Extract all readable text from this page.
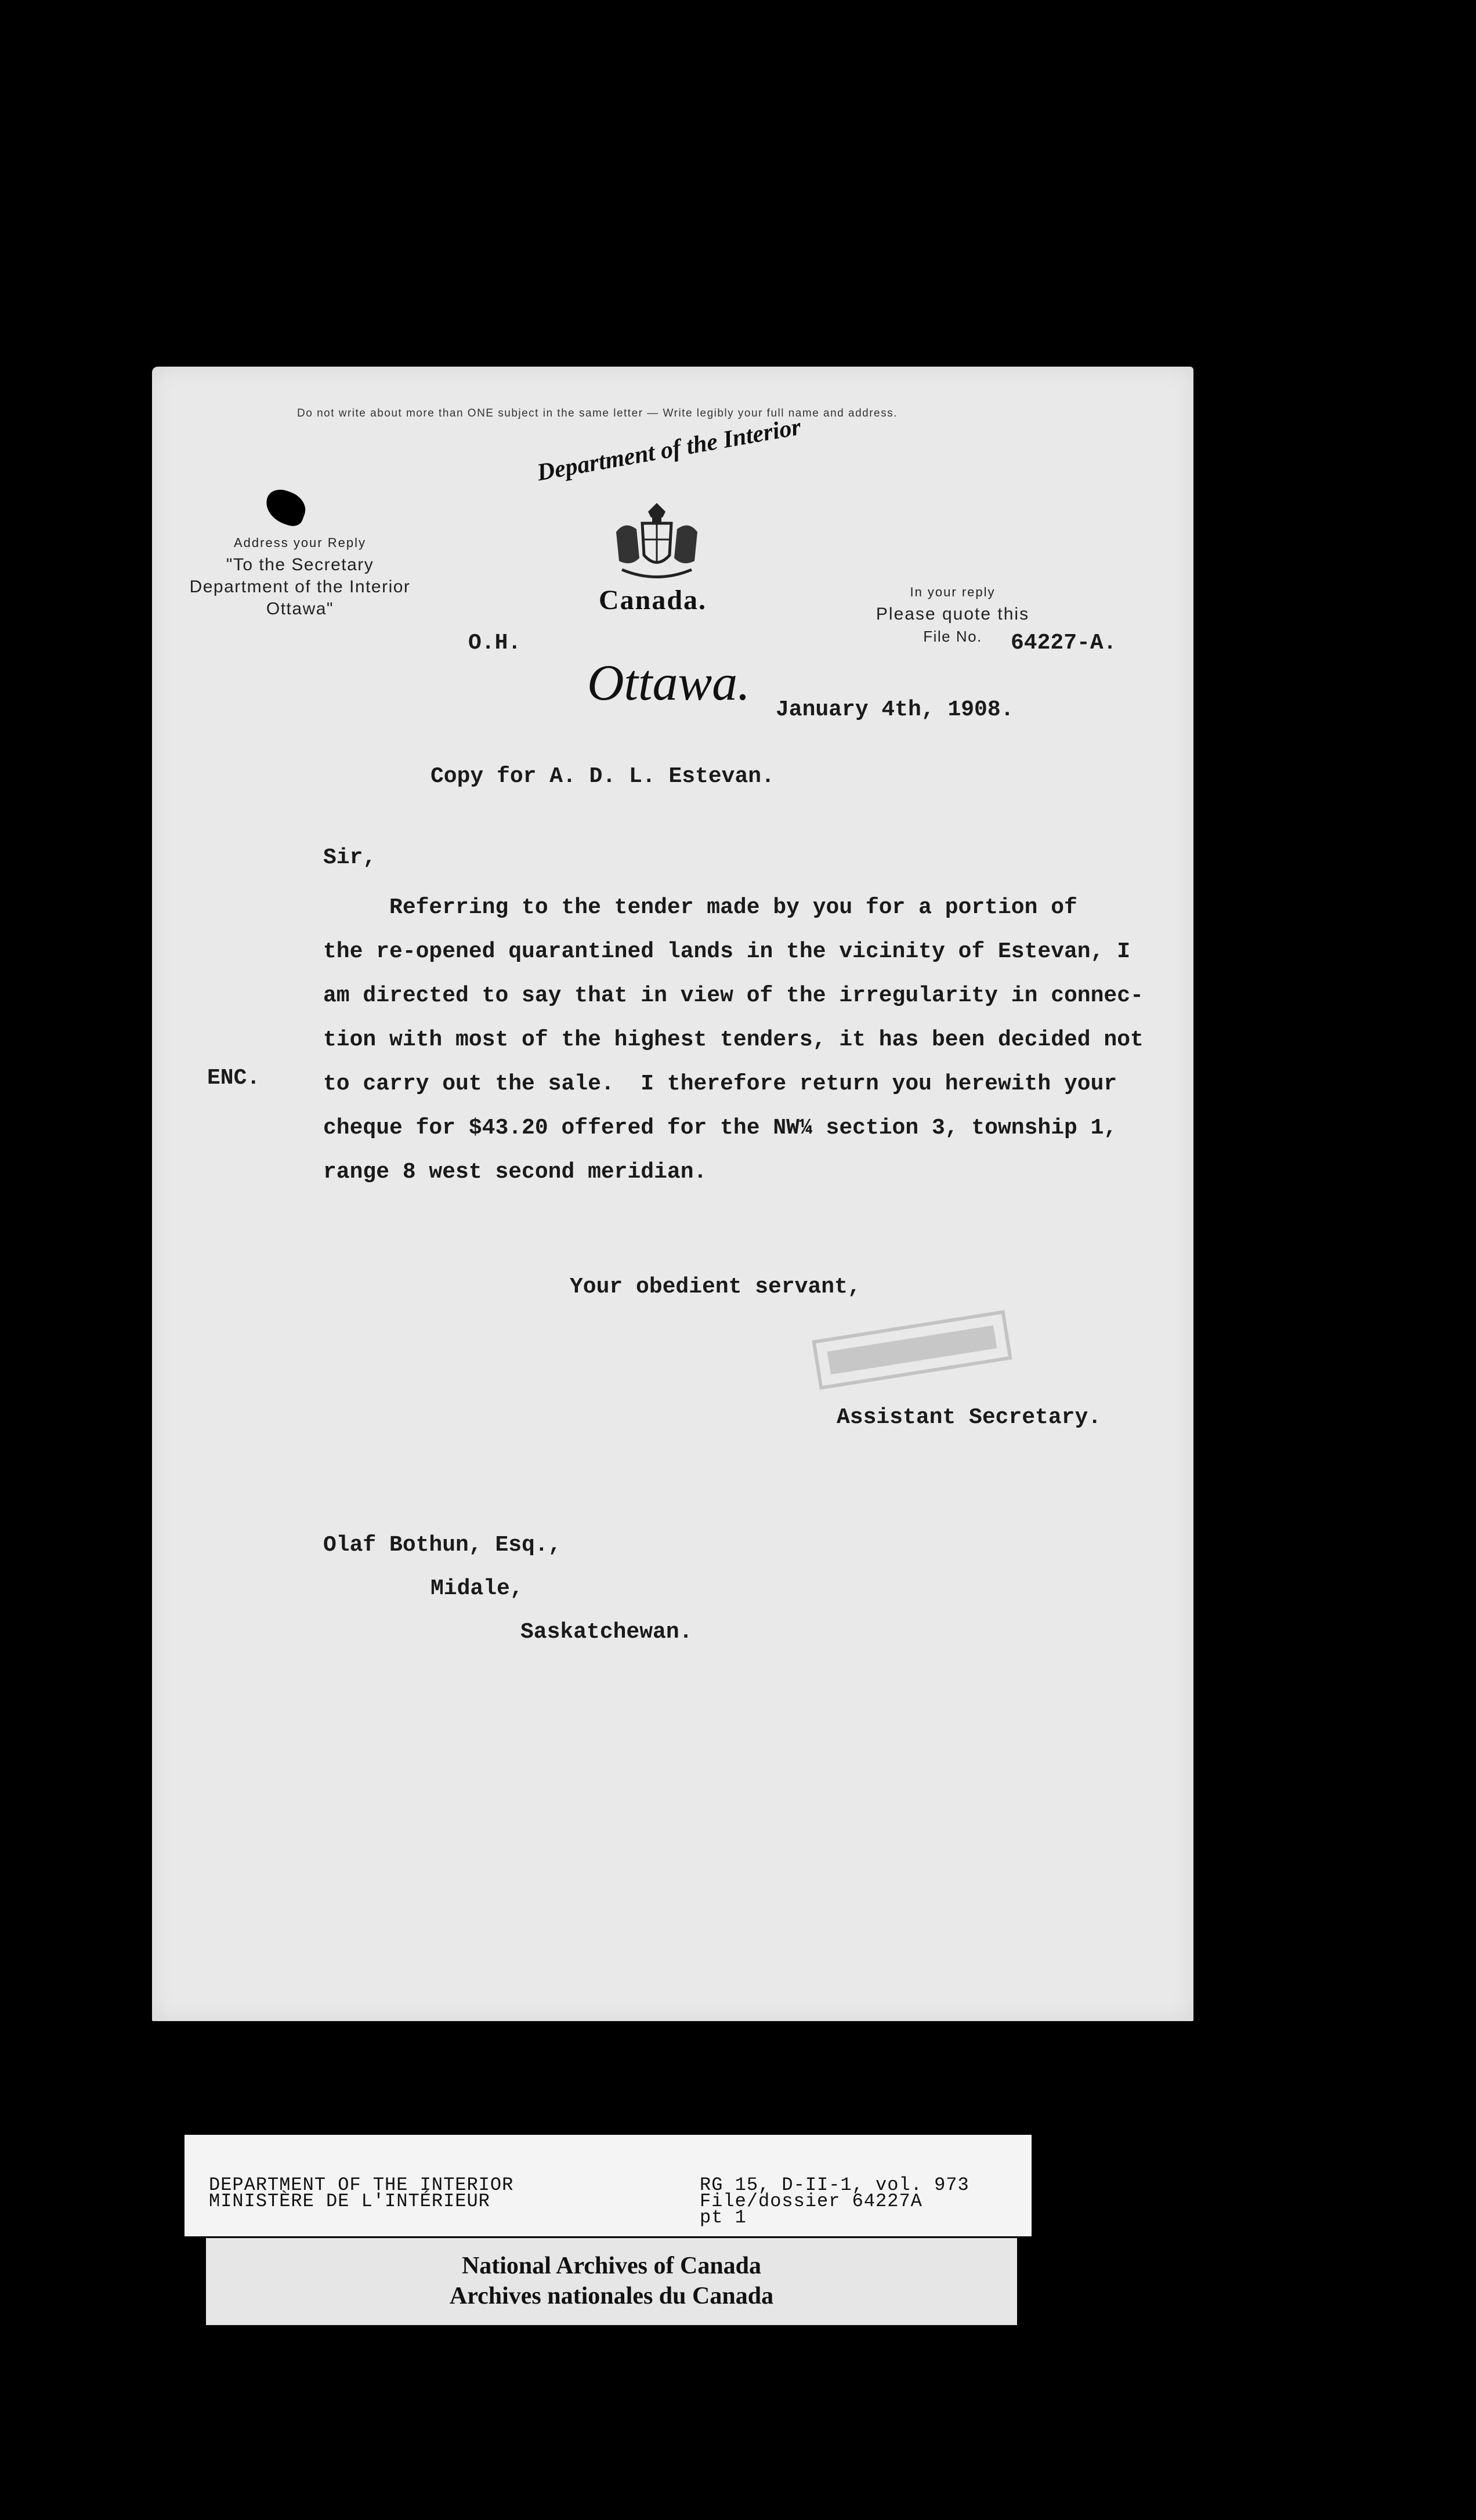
Do not write about more than ONE subject in the same letter — Write legibly your full name and address.
Address your Reply
"To the Secretary
Department of the Interior
Ottawa"
Department of the Interior
Canada.	In your reply
Please quote this
File No.
O.H.	64227-A.
Ottawa. January 4th, 1908.
Copy for A. D. L. Estevan.
Sir,
ENC.
Referring to the tender made by you for a portion of
the re-opened quarantined lands in the vicinity of Estevan, I
am directed to say that in view of the irregularity in connec-
tion with most of the highest tenders, it has been decided not
to carry out the sale.  I therefore return you herewith your
cheque for $43.20 offered for the NW¼ section 3, township 1,
range 8 west second meridian.
Your obedient servant,
Assistant Secretary.
Olaf Bothun, Esq.,
Midale,
Saskatchewan.
DEPARTMENT OF THE INTERIOR
MINISTÈRE DE L'INTÉRIEUR
RG 15, D-II-1, vol. 973
File/dossier 64227A
pt 1
National Archives of Canada
Archives nationales du Canada
